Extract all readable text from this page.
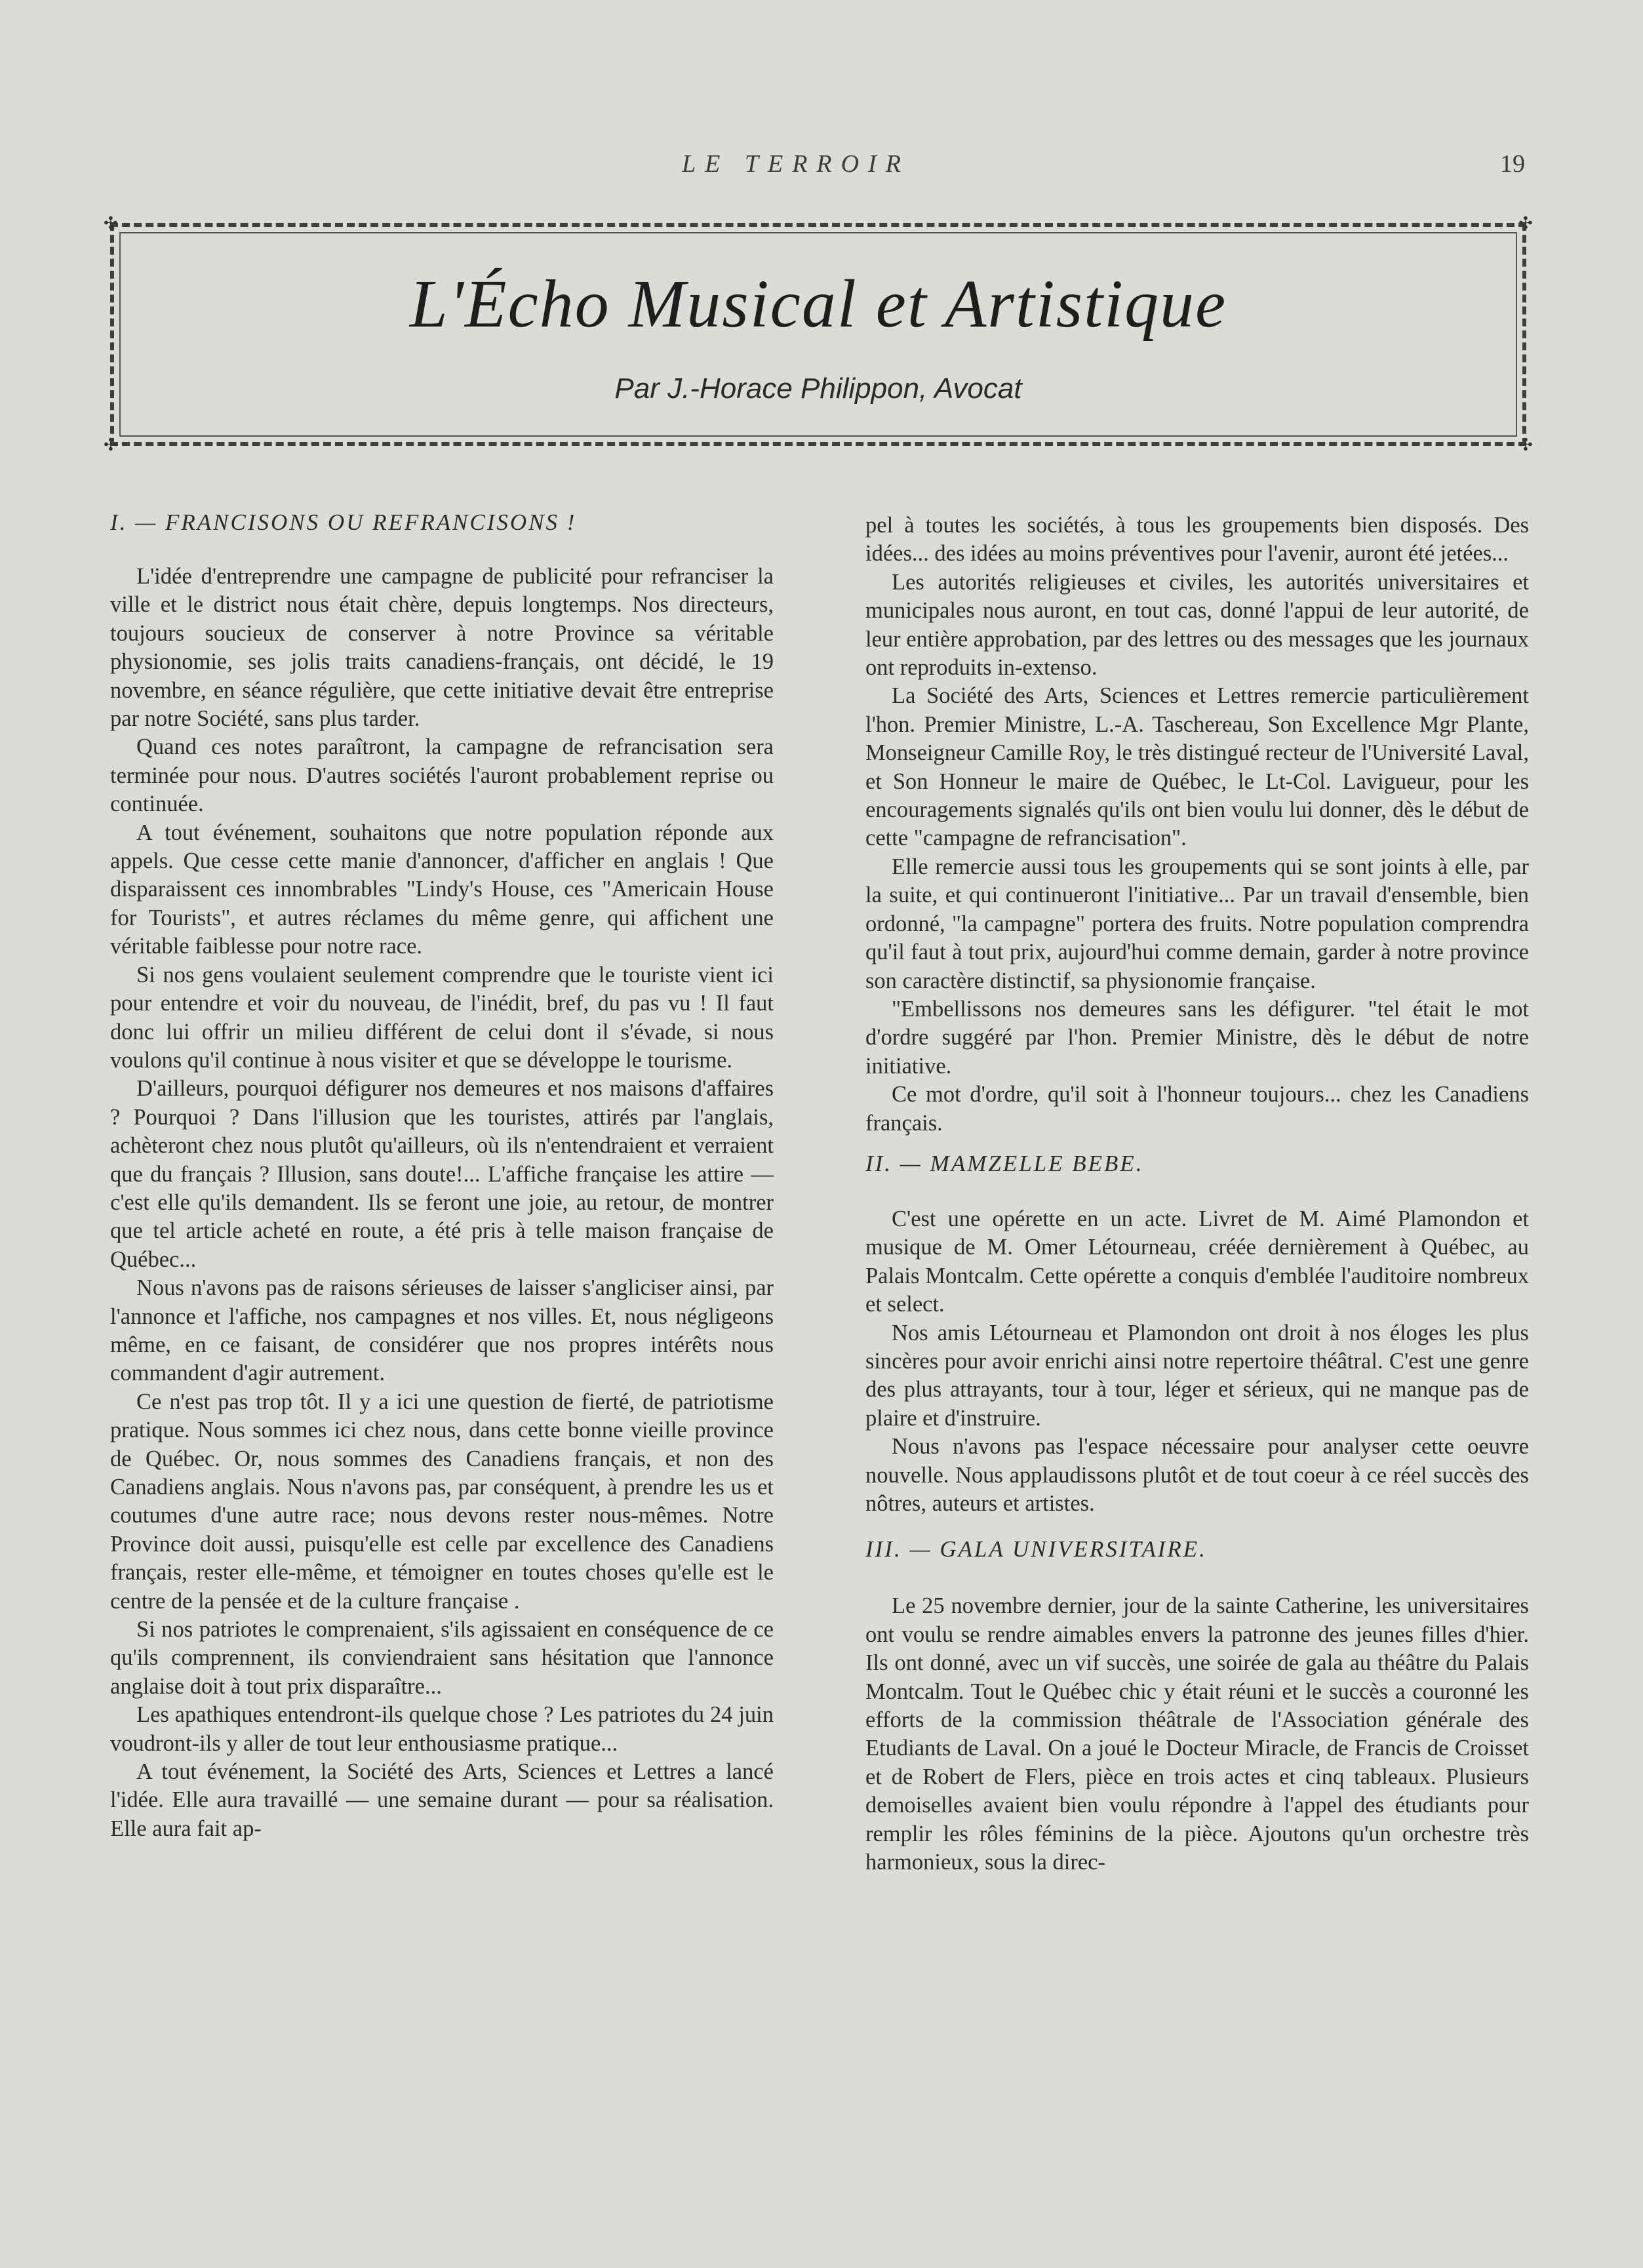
LE TERROIR	19
✣	✣
✣	✣
L'Écho Musical et Artistique
Par J.-Horace Philippon, Avocat
I. — FRANCISONS OU REFRANCISONS !

L'idée d'entreprendre une campagne de publicité pour refranciser la ville et le district nous était chère, depuis longtemps. Nos directeurs, toujours soucieux de conserver à notre Province sa véritable physionomie, ses jolis traits canadiens-français, ont décidé, le 19 novembre, en séance régulière, que cette initiative devait être entreprise par notre Société, sans plus tarder.

Quand ces notes paraîtront, la campagne de refrancisation sera terminée pour nous. D'autres sociétés l'auront probablement reprise ou continuée.

A tout événement, souhaitons que notre population réponde aux appels. Que cesse cette manie d'annoncer, d'afficher en anglais ! Que disparaissent ces innombrables "Lindy's House, ces "Americain House for Tourists", et autres réclames du même genre, qui affichent une véritable faiblesse pour notre race.

Si nos gens voulaient seulement comprendre que le touriste vient ici pour entendre et voir du nouveau, de l'inédit, bref, du pas vu ! Il faut donc lui offrir un milieu différent de celui dont il s'évade, si nous voulons qu'il continue à nous visiter et que se développe le tourisme.

D'ailleurs, pourquoi défigurer nos demeures et nos maisons d'affaires ? Pourquoi ? Dans l'illusion que les touristes, attirés par l'anglais, achèteront chez nous plutôt qu'ailleurs, où ils n'entendraient et verraient que du français ? Illusion, sans doute!... L'affiche française les attire — c'est elle qu'ils demandent. Ils se feront une joie, au retour, de montrer que tel article acheté en route, a été pris à telle maison française de Québec...

Nous n'avons pas de raisons sérieuses de laisser s'angliciser ainsi, par l'annonce et l'affiche, nos campagnes et nos villes. Et, nous négligeons même, en ce faisant, de considérer que nos propres intérêts nous commandent d'agir autrement.

Ce n'est pas trop tôt. Il y a ici une question de fierté, de patriotisme pratique. Nous sommes ici chez nous, dans cette bonne vieille province de Québec. Or, nous sommes des Canadiens français, et non des Canadiens anglais. Nous n'avons pas, par conséquent, à prendre les us et coutumes d'une autre race; nous devons rester nous-mêmes. Notre Province doit aussi, puisqu'elle est celle par excellence des Canadiens français, rester elle-même, et témoigner en toutes choses qu'elle est le centre de la pensée et de la culture française .

Si nos patriotes le comprenaient, s'ils agissaient en conséquence de ce qu'ils comprennent, ils conviendraient sans hésitation que l'annonce anglaise doit à tout prix disparaître...

Les apathiques entendront-ils quelque chose ? Les patriotes du 24 juin voudront-ils y aller de tout leur enthousiasme pratique...

A tout événement, la Société des Arts, Sciences et Lettres a lancé l'idée. Elle aura travaillé — une semaine durant — pour sa réalisation. Elle aura fait ap-

pel à toutes les sociétés, à tous les groupements bien disposés. Des idées... des idées au moins préventives pour l'avenir, auront été jetées...

Les autorités religieuses et civiles, les autorités universitaires et municipales nous auront, en tout cas, donné l'appui de leur autorité, de leur entière approbation, par des lettres ou des messages que les journaux ont reproduits in-extenso.

La Société des Arts, Sciences et Lettres remercie particulièrement l'hon. Premier Ministre, L.-A. Taschereau, Son Excellence Mgr Plante, Monseigneur Camille Roy, le très distingué recteur de l'Université Laval, et Son Honneur le maire de Québec, le Lt-Col. Lavigueur, pour les encouragements signalés qu'ils ont bien voulu lui donner, dès le début de cette "campagne de refrancisation".

Elle remercie aussi tous les groupements qui se sont joints à elle, par la suite, et qui continueront l'initiative... Par un travail d'ensemble, bien ordonné, "la campagne" portera des fruits. Notre population comprendra qu'il faut à tout prix, aujourd'hui comme demain, garder à notre province son caractère distinctif, sa physionomie française.

"Embellissons nos demeures sans les défigurer. "tel était le mot d'ordre suggéré par l'hon. Premier Ministre, dès le début de notre initiative.

Ce mot d'ordre, qu'il soit à l'honneur toujours... chez les Canadiens français.

II. — MAMZELLE BEBE.

C'est une opérette en un acte. Livret de M. Aimé Plamondon et musique de M. Omer Létourneau, créée dernièrement à Québec, au Palais Montcalm. Cette opérette a conquis d'emblée l'auditoire nombreux et select.

Nos amis Létourneau et Plamondon ont droit à nos éloges les plus sincères pour avoir enrichi ainsi notre repertoire théâtral. C'est une genre des plus attrayants, tour à tour, léger et sérieux, qui ne manque pas de plaire et d'instruire.

Nous n'avons pas l'espace nécessaire pour analyser cette oeuvre nouvelle. Nous applaudissons plutôt et de tout coeur à ce réel succès des nôtres, auteurs et artistes.

III. — GALA UNIVERSITAIRE.

Le 25 novembre dernier, jour de la sainte Catherine, les universitaires ont voulu se rendre aimables envers la patronne des jeunes filles d'hier. Ils ont donné, avec un vif succès, une soirée de gala au théâtre du Palais Montcalm. Tout le Québec chic y était réuni et le succès a couronné les efforts de la commission théâtrale de l'Association générale des Etudiants de Laval. On a joué le Docteur Miracle, de Francis de Croisset et de Robert de Flers, pièce en trois actes et cinq tableaux. Plusieurs demoiselles avaient bien voulu répondre à l'appel des étudiants pour remplir les rôles féminins de la pièce. Ajoutons qu'un orchestre très harmonieux, sous la direc-
